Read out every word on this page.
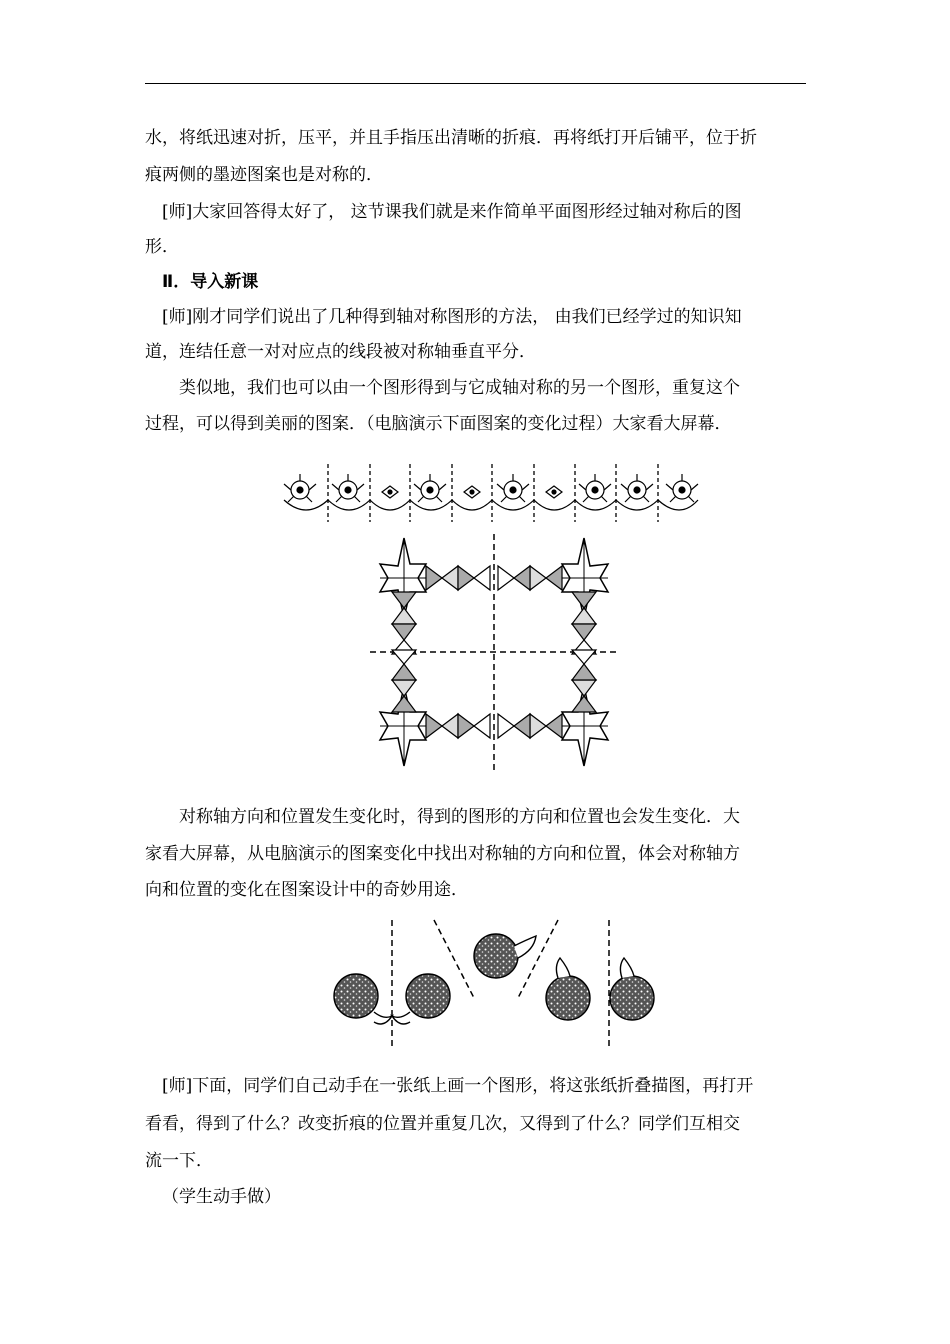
水，将纸迅速对折，压平，并且手指压出清晰的折痕．再将纸打开后铺平，位于折
痕两侧的墨迹图案也是对称的．
[师]大家回答得太好了， 这节课我们就是来作简单平面图形经过轴对称后的图
形．
Ⅱ．导入新课
[师]刚才同学们说出了几种得到轴对称图形的方法， 由我们已经学过的知识知
道，连结任意一对对应点的线段被对称轴垂直平分．
类似地，我们也可以由一个图形得到与它成轴对称的另一个图形，重复这个
过程，可以得到美丽的图案．（电脑演示下面图案的变化过程）大家看大屏幕．
对称轴方向和位置发生变化时，得到的图形的方向和位置也会发生变化．大
家看大屏幕，从电脑演示的图案变化中找出对称轴的方向和位置，体会对称轴方
向和位置的变化在图案设计中的奇妙用途．
[师]下面，同学们自己动手在一张纸上画一个图形，将这张纸折叠描图，再打开
看看，得到了什么？改变折痕的位置并重复几次，又得到了什么？同学们互相交
流一下．
（学生动手做）
